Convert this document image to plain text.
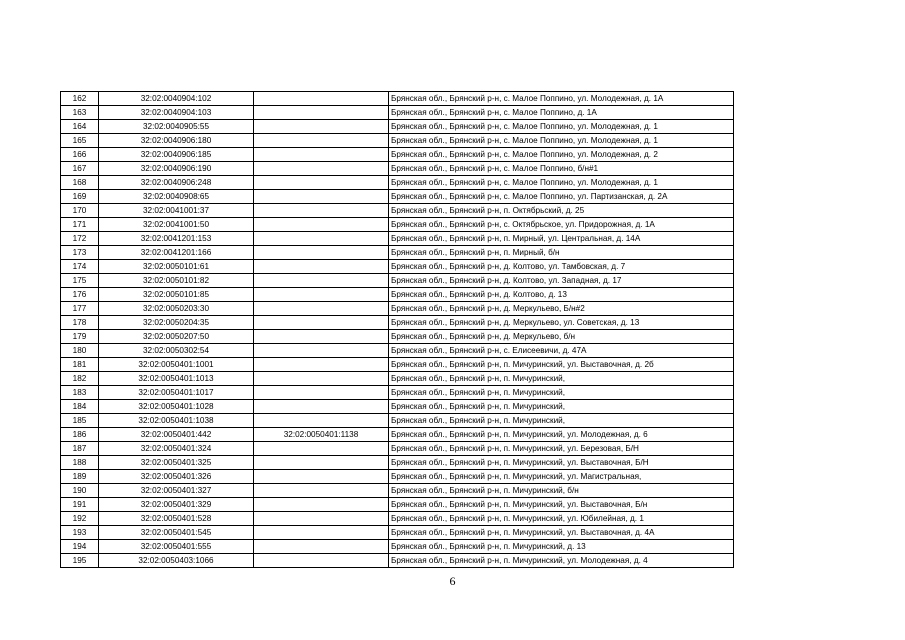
162	32:02:0040904:102		Брянская обл., Брянский р-н, с. Малое Поппино, ул. Молодежная, д. 1А
163	32:02:0040904:103		Брянская обл., Брянский р-н, с. Малое Поппино, д. 1А
164	32:02:0040905:55		Брянская обл., Брянский р-н, с. Малое Поппино, ул. Молодежная, д. 1
165	32:02:0040906:180		Брянская обл., Брянский р-н, с. Малое Поппино, ул. Молодежная, д. 1
166	32:02:0040906:185		Брянская обл., Брянский р-н, с. Малое Поппино, ул. Молодежная, д. 2
167	32:02:0040906:190		Брянская обл., Брянский р-н, с. Малое Поппино, б/н#1
168	32:02:0040906:248		Брянская обл., Брянский р-н, с. Малое Поппино, ул. Молодежная, д. 1
169	32:02:0040908:65		Брянская обл., Брянский р-н, с. Малое Поппино, ул. Партизанская, д. 2А
170	32:02:0041001:37		Брянская обл., Брянский р-н, п. Октябрьский, д. 25
171	32:02:0041001:50		Брянская обл., Брянский р-н, с. Октябрьское, ул. Придорожная, д. 1А
172	32:02:0041201:153		Брянская обл., Брянский р-н, п. Мирный, ул. Центральная, д. 14А
173	32:02:0041201:166		Брянская обл., Брянский р-н, п. Мирный, б/н
174	32:02:0050101:61		Брянская обл., Брянский р-н, д. Колтово, ул. Тамбовская, д. 7
175	32:02:0050101:82		Брянская обл., Брянский р-н, д. Колтово, ул. Западная, д. 17
176	32:02:0050101:85		Брянская обл., Брянский р-н, д. Колтово, д. 13
177	32:02:0050203:30		Брянская обл., Брянский р-н, д. Меркульево, Б/н#2
178	32:02:0050204:35		Брянская обл., Брянский р-н, д. Меркульево, ул. Советская, д. 13
179	32:02:0050207:50		Брянская обл., Брянский р-н, д. Меркульево, б/н
180	32:02:0050302:54		Брянская обл., Брянский р-н, с. Елисеевичи, д. 47А
181	32:02:0050401:1001		Брянская обл., Брянский р-н, п. Мичуринский, ул. Выставочная, д. 2б
182	32:02:0050401:1013		Брянская обл., Брянский р-н, п. Мичуринский,
183	32:02:0050401:1017		Брянская обл., Брянский р-н, п. Мичуринский,
184	32:02:0050401:1028		Брянская обл., Брянский р-н, п. Мичуринский,
185	32:02:0050401:1038		Брянская обл., Брянский р-н, п. Мичуринский,
186	32:02:0050401:442	32:02:0050401:1138	Брянская обл., Брянский р-н, п. Мичуринский, ул. Молодежная, д. 6
187	32:02:0050401:324		Брянская обл., Брянский р-н, п. Мичуринский, ул. Березовая, Б/Н
188	32:02:0050401:325		Брянская обл., Брянский р-н, п. Мичуринский, ул. Выставочная, Б/Н
189	32:02:0050401:326		Брянская обл., Брянский р-н, п. Мичуринский, ул. Магистральная,
190	32:02:0050401:327		Брянская обл., Брянский р-н, п. Мичуринский, б/н
191	32:02:0050401:329		Брянская обл., Брянский р-н, п. Мичуринский, ул. Выставочная, Б/н
192	32:02:0050401:528		Брянская обл., Брянский р-н, п. Мичуринский, ул. Юбилейная, д. 1
193	32:02:0050401:545		Брянская обл., Брянский р-н, п. Мичуринский, ул. Выставочная, д. 4А
194	32:02:0050401:555		Брянская обл., Брянский р-н, п. Мичуринский, д. 13
195	32:02:0050403:1066		Брянская обл., Брянский р-н, п. Мичуринский, ул. Молодежная, д. 4
6
